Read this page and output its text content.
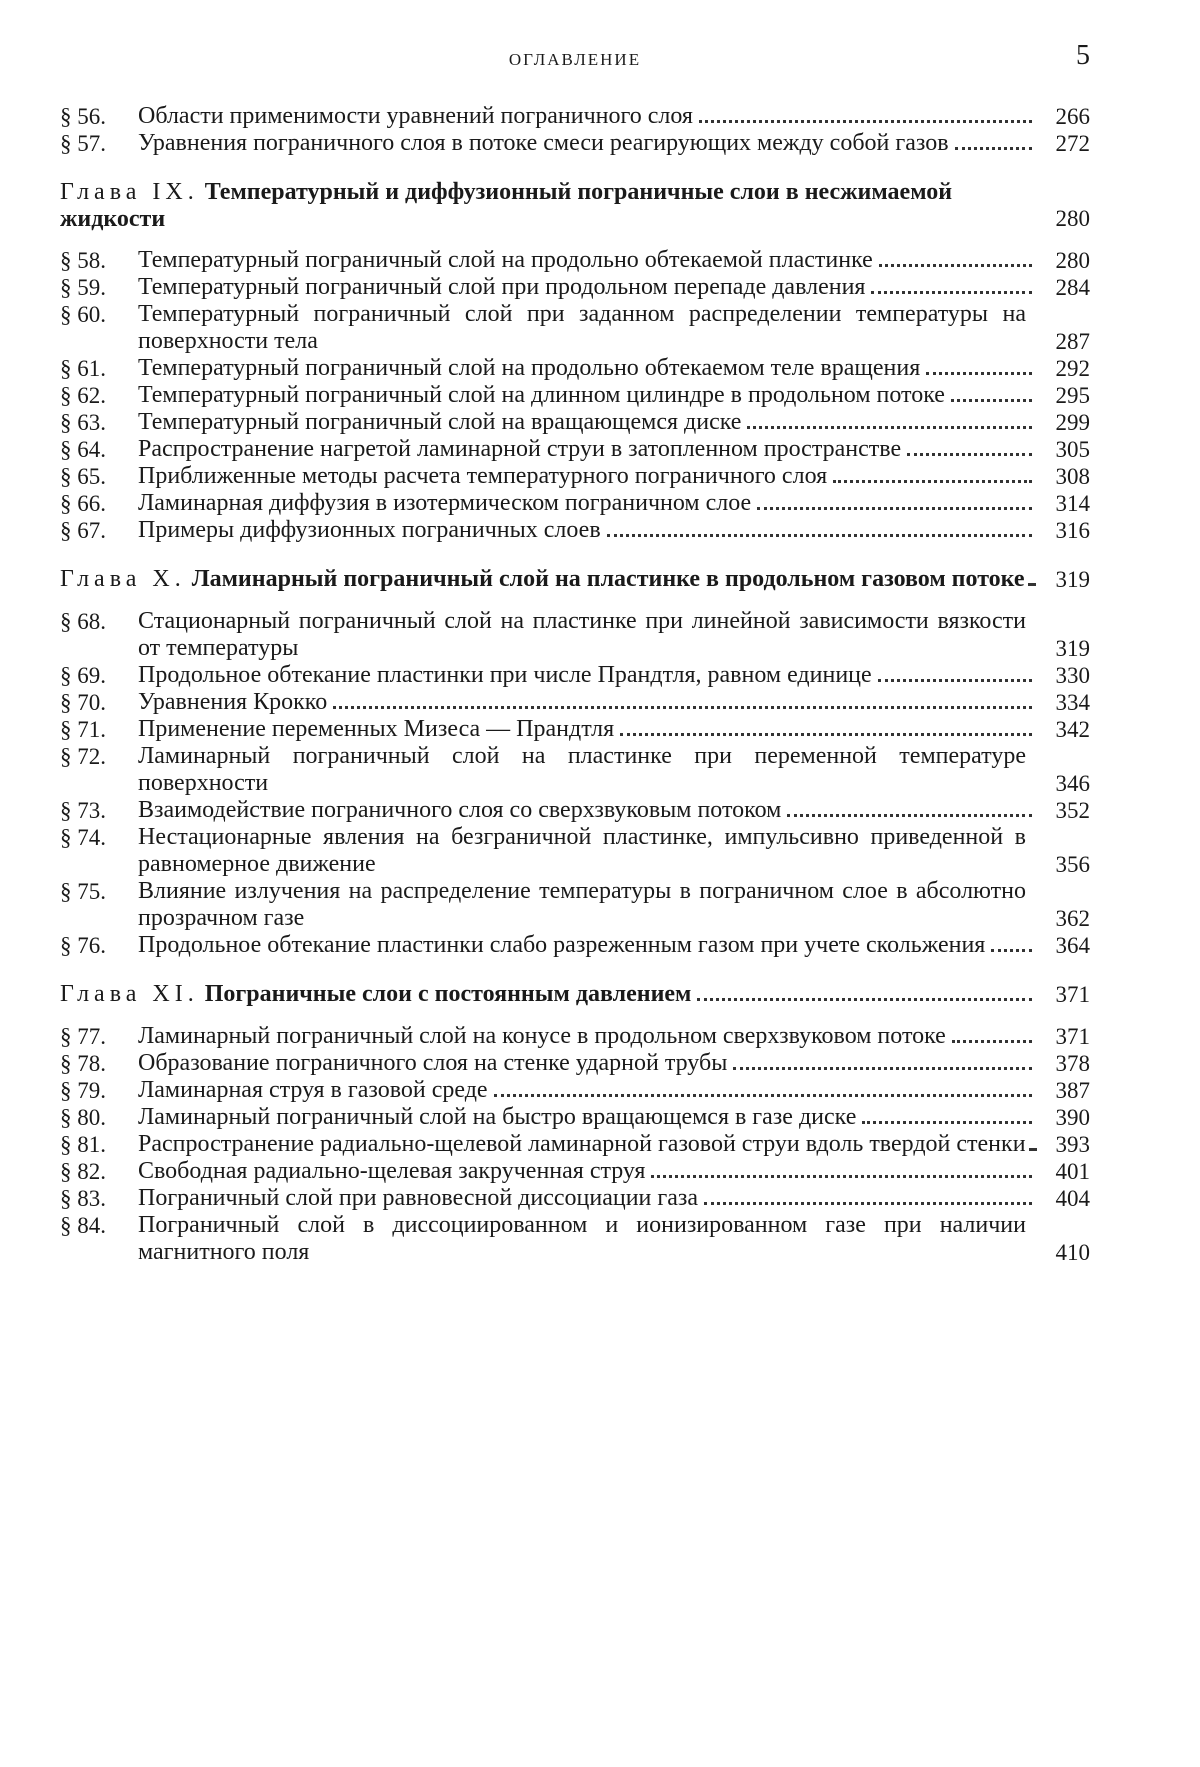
ОГЛАВЛЕНИЕ	5
§ 56.	Области применимости уравнений пограничного слоя	266
§ 57.	Уравнения пограничного слоя в потоке смеси реагирующих между собой газов	272
Глава IX. Температурный и диффузионный пограничные слои в несжимаемой жидкости	280
§ 58.	Температурный пограничный слой на продольно обтекаемой пластинке	280
§ 59.	Температурный пограничный слой при продольном перепаде давления	284
§ 60.	Температурный пограничный слой при заданном распределении температуры на поверхности тела	287
§ 61.	Температурный пограничный слой на продольно обтекаемом теле вращения	292
§ 62.	Температурный пограничный слой на длинном цилиндре в продольном потоке	295
§ 63.	Температурный пограничный слой на вращающемся диске	299
§ 64.	Распространение нагретой ламинарной струи в затопленном пространстве	305
§ 65.	Приближенные методы расчета температурного пограничного слоя	308
§ 66.	Ламинарная диффузия в изотермическом пограничном слое	314
§ 67.	Примеры диффузионных пограничных слоев	316
Глава X. Ламинарный пограничный слой на пластинке в продольном газовом потоке	319
§ 68.	Стационарный пограничный слой на пластинке при линейной зависимости вязкости от температуры	319
§ 69.	Продольное обтекание пластинки при числе Прандтля, равном единице	330
§ 70.	Уравнения Крокко	334
§ 71.	Применение переменных Мизеса — Прандтля	342
§ 72.	Ламинарный пограничный слой на пластинке при переменной температуре поверхности	346
§ 73.	Взаимодействие пограничного слоя со сверхзвуковым потоком	352
§ 74.	Нестационарные явления на безграничной пластинке, импульсивно приведенной в равномерное движение	356
§ 75.	Влияние излучения на распределение температуры в пограничном слое в абсолютно прозрачном газе	362
§ 76.	Продольное обтекание пластинки слабо разреженным газом при учете скольжения	364
Глава XI. Пограничные слои с постоянным давлением	371
§ 77.	Ламинарный пограничный слой на конусе в продольном сверхзвуковом потоке	371
§ 78.	Образование пограничного слоя на стенке ударной трубы	378
§ 79.	Ламинарная струя в газовой среде	387
§ 80.	Ламинарный пограничный слой на быстро вращающемся в газе диске	390
§ 81.	Распространение радиально-щелевой ламинарной газовой струи вдоль твердой стенки	393
§ 82.	Свободная радиально-щелевая закрученная струя	401
§ 83.	Пограничный слой при равновесной диссоциации газа	404
§ 84.	Пограничный слой в диссоциированном и ионизированном газе при наличии магнитного поля	410
